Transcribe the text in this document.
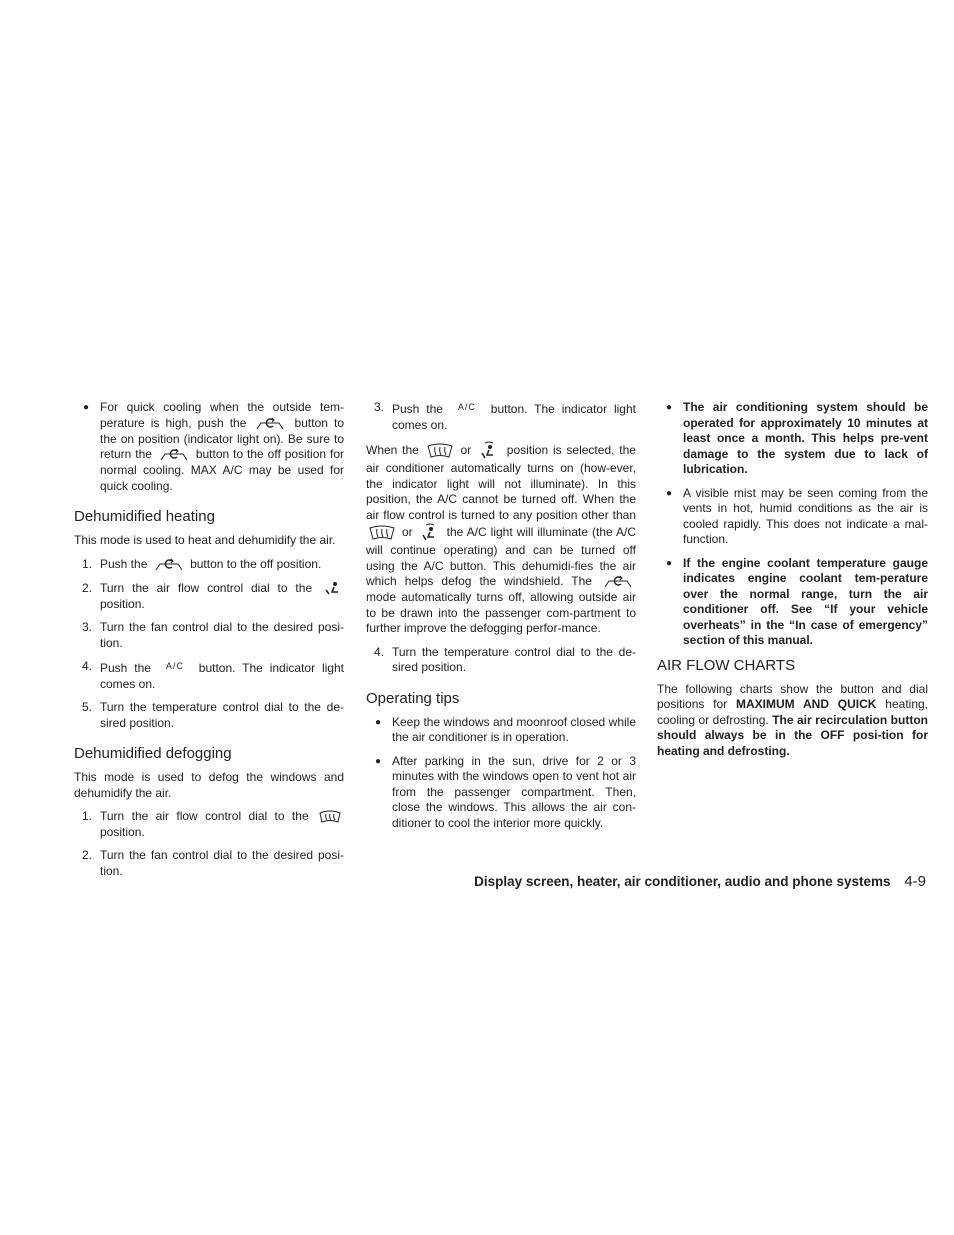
● For quick cooling when the outside tem-perature is high, push the	button to the on position (indicator light on). Be sure to return the	button to the off position for normal cooling. MAX A/C may be used for quick cooling.
Dehumidified heating

This mode is used to heat and dehumidify the air.

1. Push the	button to the off position.
2. Turn the air flow control dial to the  position.
3. Turn the fan control dial to the desired posi-tion.
4. Push the A/C button. The indicator light comes on.
5. Turn the temperature control dial to the de-sired position.
Dehumidified defogging

This mode is used to defog the windows and dehumidify the air.

1. Turn the air flow control dial to the  position.
2. Turn the fan control dial to the desired posi-tion.
3. Push the A/C button. The indicator light comes on.

When the	or	position is selected, the air conditioner automatically turns on (how-ever, the indicator light will not illuminate). In this position, the A/C cannot be turned off. When the air flow control is turned to any position other than  or	the A/C light will illuminate (the A/C will continue operating) and can be turned off using the A/C button. This dehumidi-fies the air which helps defog the windshield. The  mode automatically turns off, allowing outside air to be drawn into the passenger com-partment to further improve the defogging perfor-mance.

4. Turn the temperature control dial to the de-sired position.
Operating tips
● Keep the windows and moonroof closed while the air conditioner is in operation.
● After parking in the sun, drive for 2 or 3 minutes with the windows open to vent hot air from the passenger compartment. Then, close the windows. This allows the air con-ditioner to cool the interior more quickly.
● The air conditioning system should be operated for approximately 10 minutes at least once a month. This helps pre-vent damage to the system due to lack of lubrication.
● A visible mist may be seen coming from the vents in hot, humid conditions as the air is cooled rapidly. This does not indicate a mal-function.
● If the engine coolant temperature gauge indicates engine coolant tem-perature over the normal range, turn the air conditioner off. See “If your vehicle overheats” in the “In case of emergency” section of this manual.
AIR FLOW CHARTS

The following charts show the button and dial positions for MAXIMUM AND QUICK heating, cooling or defrosting. The air recirculation button should always be in the OFF posi-tion for heating and defrosting.

Display screen, heater, air conditioner, audio and phone systems 4-9
